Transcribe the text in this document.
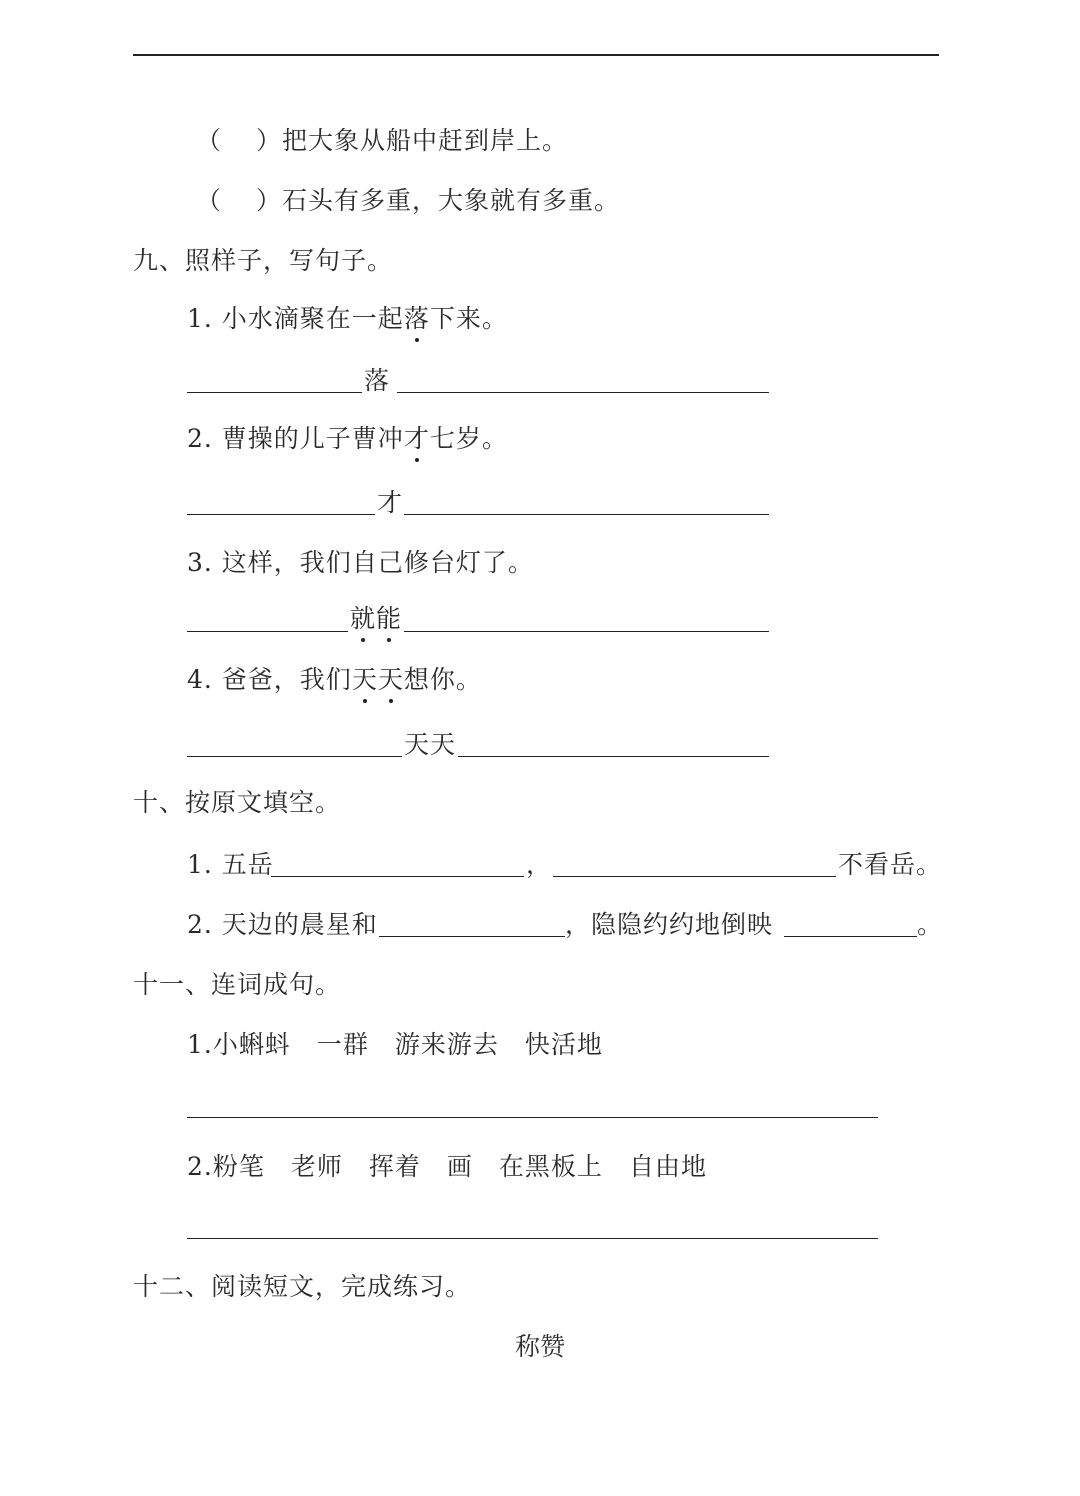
（ ）把大象从船中赶到岸上。
（ ）石头有多重，大象就有多重。
九、照样子，写句子。
1. 小水滴聚在一起落下来。
落
2. 曹操的儿子曹冲才七岁。
才
3. 这样，我们自己修台灯了。
就能
4. 爸爸，我们天天想你。
天天
十、按原文填空。
1. 五岳	，	不看岳。
2. 天边的晨星和	，隐隐约约地倒映	。
十一、连词成句。
1.小蝌蚪 一群 游来游去 快活地
2.粉笔 老师 挥着 画 在黑板上 自由地
十二、阅读短文，完成练习。
称赞
